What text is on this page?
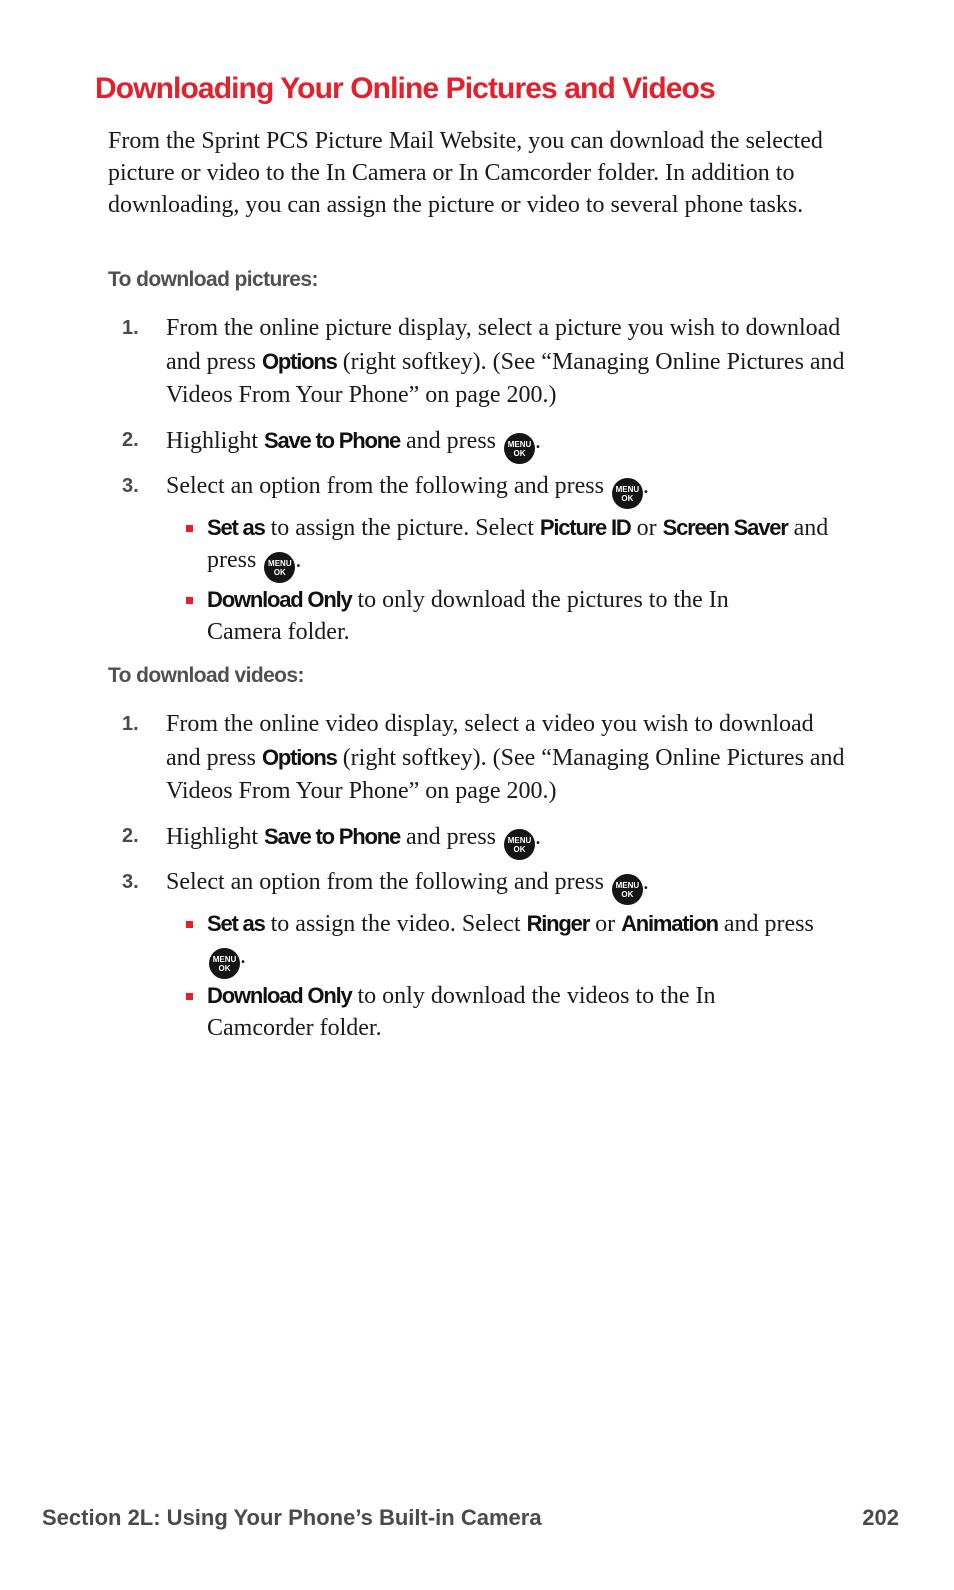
Downloading Your Online Pictures and Videos

From the Sprint PCS Picture Mail Website, you can download the selected picture or video to the In Camera or In Camcorder folder. In addition to downloading, you can assign the picture or video to several phone tasks.

To download pictures:

1. From the online picture display, select a picture you wish to download and press Options (right softkey). (See “Managing Online Pictures and Videos From Your Phone” on page 200.)
2. Highlight Save to Phone and press MENU
OK .
3. Select an option from the following and press MENU
OK .
Set as to assign the picture. Select Picture ID or Screen Saver and press MENU
OK .
Download Only to only download the pictures to the In Camera folder.

To download videos:

1. From the online video display, select a video you wish to download and press Options (right softkey). (See “Managing Online Pictures and Videos From Your Phone” on page 200.)
2. Highlight Save to Phone and press MENU
OK .
3. Select an option from the following and press MENU
OK .
Set as to assign the video. Select Ringer or Animation and press
MENU
OK .
Download Only to only download the videos to the In Camcorder folder.

Section 2L: Using Your Phone’s Built-in Camera	202
